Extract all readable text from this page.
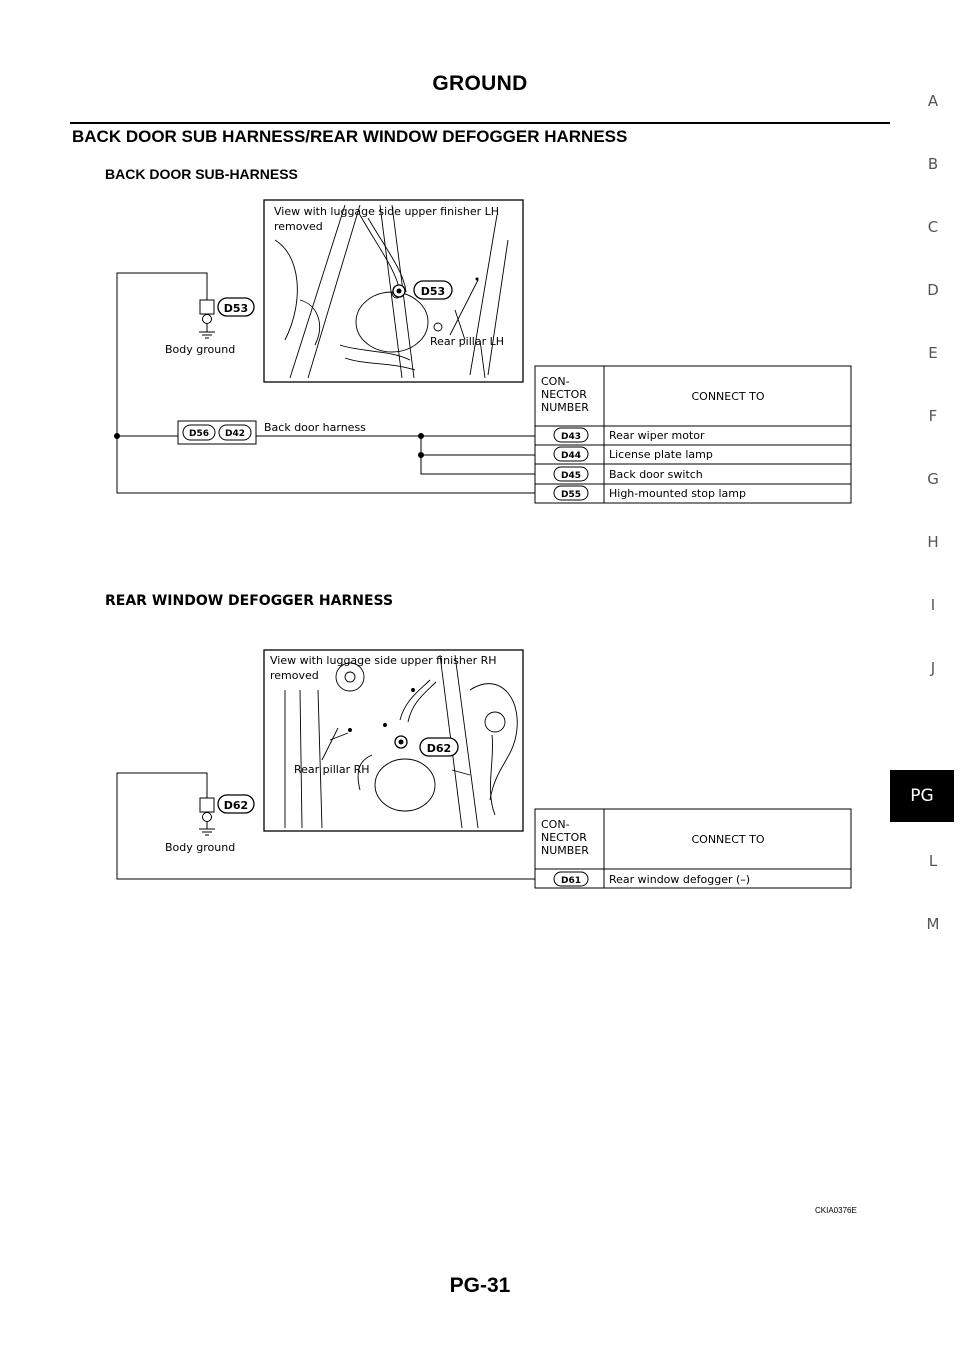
GROUND
BACK DOOR SUB HARNESS/REAR WINDOW DEFOGGER HARNESS
A
B
C
D
E
F
G
H
I
J
PG
L
M
BACK DOOR SUB-HARNESS
D53
Body ground
D56 D42 Back door harness
View with luggage side upper finisher LH
removed
D53
Rear pillar LH
CON-
NECTOR
NUMBER
CONNECT TO
D43	Rear wiper motor
D44	License plate lamp
D45	Back door switch
D55	High-mounted stop lamp
REAR WINDOW DEFOGGER HARNESS
D62
Body ground
View with luggage side upper finisher RH
removed
D62
Rear pillar RH
CON-
NECTOR
NUMBER
CONNECT TO
D61	Rear window defogger (–)
CKIA0376E
PG-31
